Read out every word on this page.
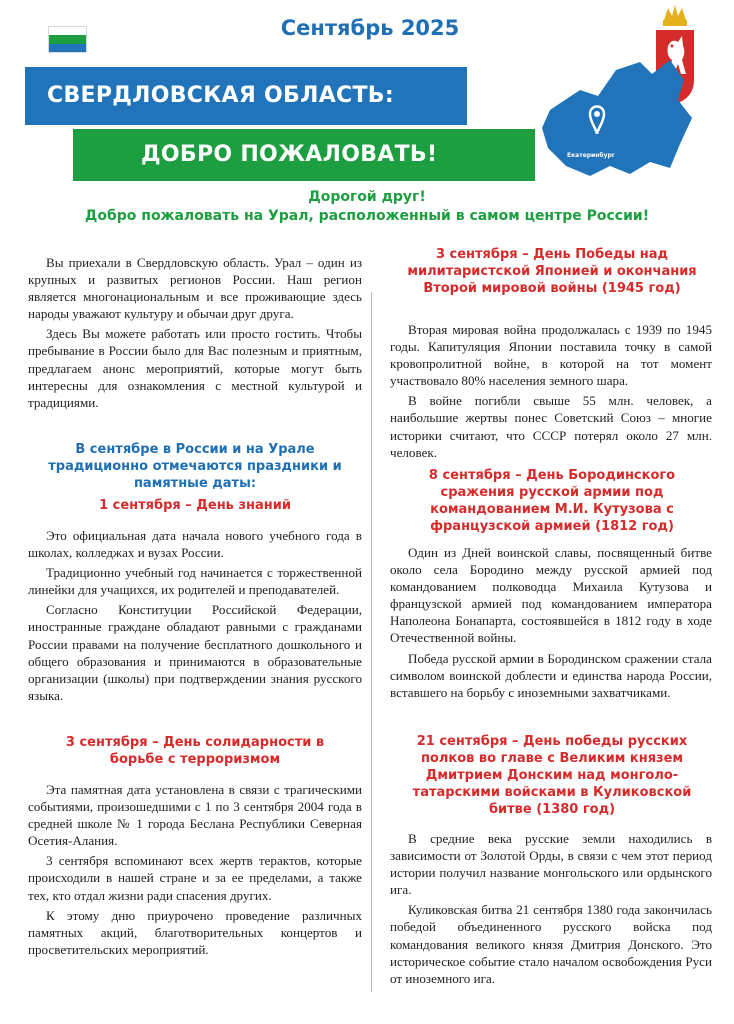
Сентябрь 2025
Екатеринбург
СВЕРДЛОВСКАЯ ОБЛАСТЬ:
ДОБРО ПОЖАЛОВАТЬ!
Дорогой друг!
Добро пожаловать на Урал, расположенный в самом центре России!

Вы приехали в Свердловскую область. Урал – один из крупных и развитых регионов России. Наш регион является многонациональным и все проживающие здесь народы уважают культуру и обычаи друг друга.

Здесь Вы можете работать или просто гостить. Чтобы пребывание в России было для Вас полезным и приятным, предлагаем анонс мероприятий, которые могут быть интересны для ознакомления с местной культурой и традициями.

В сентябре в России и на Урале традиционно отмечаются праздники и памятные даты:
1 сентября – День знаний

Это официальная дата начала нового учебного года в школах, колледжах и вузах России.

Традиционно учебный год начинается с торжественной линейки для учащихся, их родителей и преподавателей.

Согласно Конституции Российской Федерации, иностранные граждане обладают равными с гражданами России правами на получение бесплатного дошкольного и общего образования и принимаются в образовательные организации (школы) при подтверждении знания русского языка.

3 сентября – День солидарности в борьбе с терроризмом

Эта памятная дата установлена в связи с трагическими событиями, произошедшими с 1 по 3 сентября 2004 года в средней школе № 1 города Беслана Республики Северная Осетия-Алания.

3 сентября вспоминают всех жертв терактов, которые происходили в нашей стране и за ее пределами, а также тех, кто отдал жизни ради спасения других.

К этому дню приурочено проведение различных памятных акций, благотворительных концертов и просветительских мероприятий.

3 сентября – День Победы над милитаристской Японией и окончания Второй мировой войны (1945 год)

Вторая мировая война продолжалась с 1939 по 1945 годы. Капитуляция Японии поставила точку в самой кровопролитной войне, в которой на тот момент участвовало 80% населения земного шара.

В войне погибли свыше 55 млн. человек, а наибольшие жертвы понес Советский Союз – многие историки считают, что СССР потерял около 27 млн. человек.

8 сентября – День Бородинского сражения русской армии под командованием М.И. Кутузова с французской армией (1812 год)

Один из Дней воинской славы, посвященный битве около села Бородино между русской армией под командованием полководца Михаила Кутузова и французской армией под командованием императора Наполеона Бонапарта, состоявшейся в 1812 году в ходе Отечественной войны.

Победа русской армии в Бородинском сражении стала символом воинской доблести и единства народа России, вставшего на борьбу с иноземными захватчиками.

21 сентября – День победы русских полков во главе с Великим князем Дмитрием Донским над монголо-татарскими войсками в Куликовской битве (1380 год)

В средние века русские земли находились в зависимости от Золотой Орды, в связи с чем этот период истории получил название монгольского или ордынского ига.

Куликовская битва 21 сентября 1380 года закончилась победой объединенного русского войска под командования великого князя Дмитрия Донского. Это историческое событие стало началом освобождения Руси от иноземного ига.
